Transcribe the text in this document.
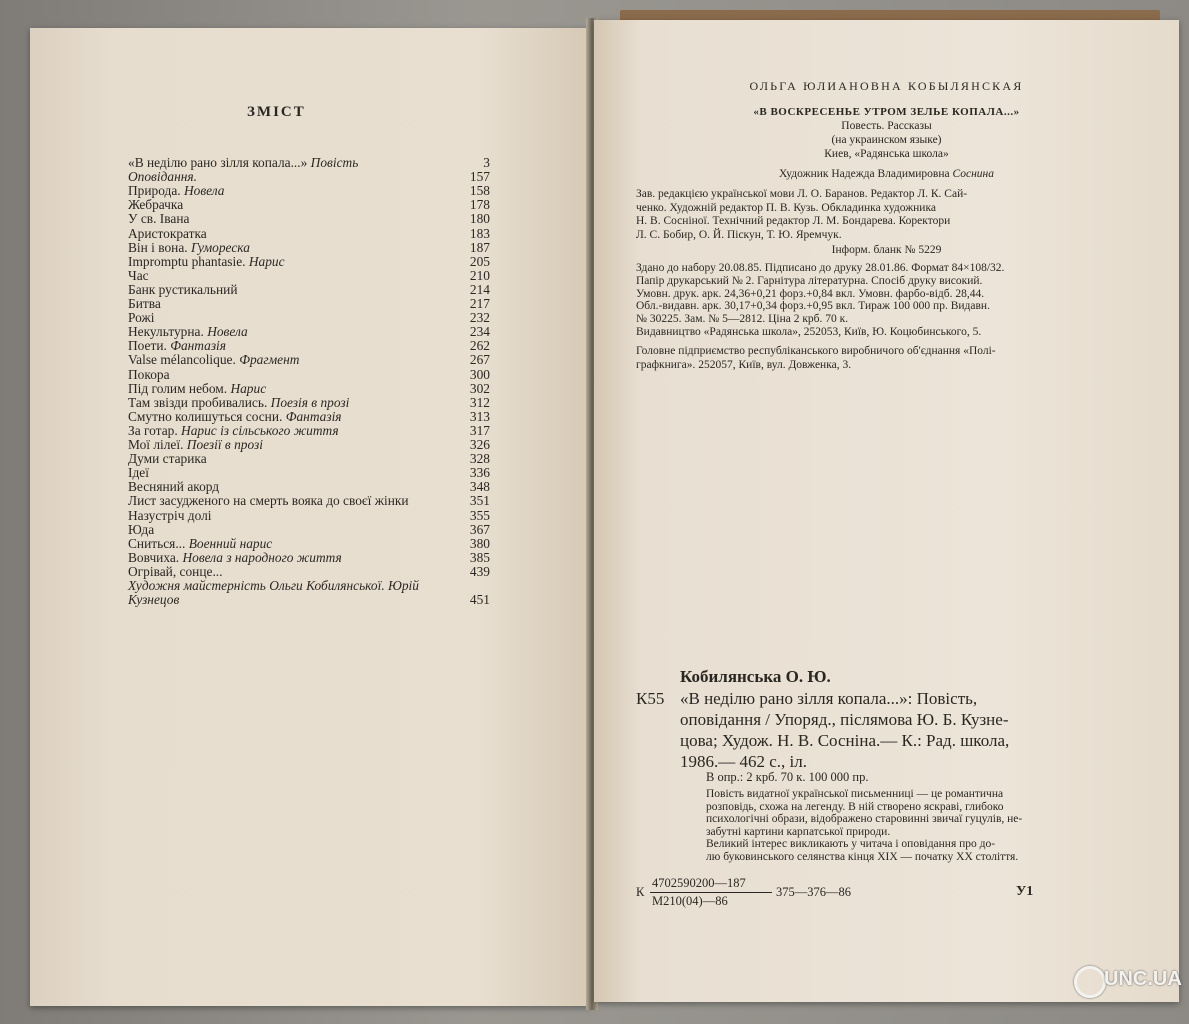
ЗМІСТ
«В неділю рано зілля копала...» Повість	3
Оповідання.	157
Природа. Новела	158
Жебрачка	178
У св. Івана	180
Аристократка	183
Він і вона. Гумореска	187
Impromptu phantasie. Нарис	205
Час	210
Банк рустикальний	214
Битва	217
Рожі	232
Некультурна. Новела	234
Поети. Фантазія	262
Valse mélancolique. Фрагмент	267
Покора	300
Під голим небом. Нарис	302
Там звізди пробивались. Поезія в прозі	312
Смутно колишуться сосни. Фантазія	313
За готар. Нарис із сільського життя	317
Мої лілеї. Поезії в прозі	326
Думи старика	328
Ідеї	336
Весняний акорд	348
Лист засудженого на смерть вояка до своєї жінки	351
Назустріч долі	355
Юда	367
Сниться... Военний нарис	380
Вовчиха. Новела з народного життя	385
Огрівай, сонце...	439
Художня майстерність Ольги Кобилянської. Юрій
Кузнецов	451
ОЛЬГА ЮЛИАНОВНА КОБЫЛЯНСКАЯ
«В ВОСКРЕСЕНЬЕ УТРОМ ЗЕЛЬЕ КОПАЛА...»
Повесть. Рассказы
(на украинском языке)
Киев, «Радянська школа»
Художник Надежда Владимировна Соснина
Зав. редакцією української мови Л. О. Баранов. Редактор Л. К. Сай-
ченко. Художній редактор П. В. Кузь. Обкладинка художника
Н. В. Сосніної. Технічний редактор Л. М. Бондарева. Коректори
Л. С. Бобир, О. Й. Піскун, Т. Ю. Яремчук.
Інформ. бланк № 5229
Здано до набору 20.08.85. Підписано до друку 28.01.86. Формат 84×108/32.
Папір друкарський № 2. Гарнітура літературна. Спосіб друку високий.
Умовн. друк. арк. 24,36+0,21 форз.+0,84 вкл. Умовн. фарбо-відб. 28,44.
Обл.-видавн. арк. 30,17+0,34 форз.+0,95 вкл. Тираж 100 000 пр. Видавн.
№ 30225. Зам. № 5—2812. Ціна 2 крб. 70 к.
Видавництво «Радянська школа», 252053, Київ, Ю. Коцюбинського, 5.
Головне підприємство республіканського виробничого об'єднання «Полі-
графкнига». 252057, Київ, вул. Довженка, 3.
Кобилянська О. Ю.
К55 «В неділю рано зілля копала...»: Повість,
оповідання / Упоряд., післямова Ю. Б. Кузне-
цова; Худож. Н. В. Сосніна.— К.: Рад. школа,
1986.— 462 с., іл.
В опр.: 2 крб. 70 к. 100 000 пр.
Повість видатної української письменниці — це романтична
розповідь, схожа на легенду. В ній створено яскраві, глибоко
психологічні образи, відображено старовинні звичаї гуцулів, не-
забутні картини карпатської природи.
Великий інтерес викликають у читача і оповідання про до-
лю буковинського селянства кінця XIX — початку XX століття.
К
4702590200—187
М210(04)—86
375—376—86	У1
UNC.UA
